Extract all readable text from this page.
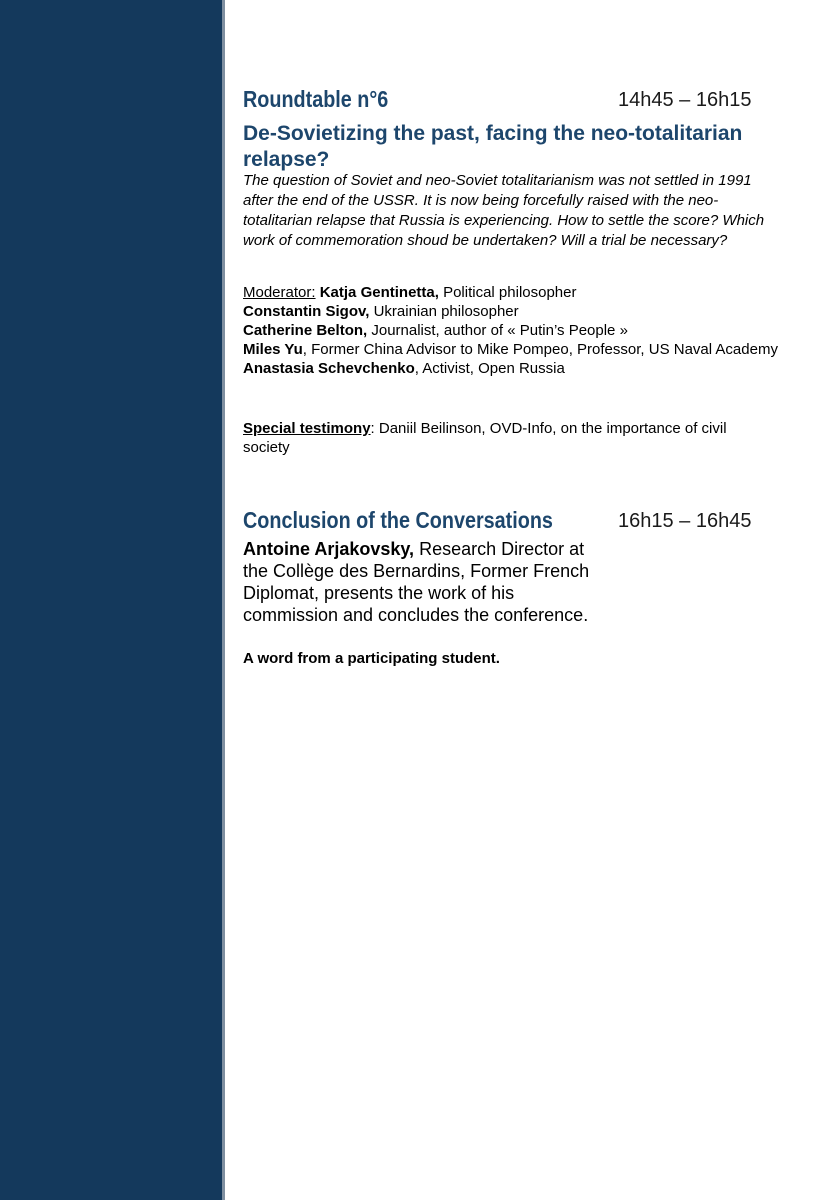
Roundtable n°6	14h45 – 16h15
De-Sovietizing the past, facing the neo-totalitarian relapse?
The question of Soviet and neo-Soviet totalitarianism was not settled in 1991 after the end of the USSR. It is now being forcefully raised with the neo-totalitarian relapse that Russia is experiencing. How to settle the score? Which work of commemoration shoud be undertaken? Will a trial be necessary?

Moderator: Katja Gentinetta, Political philosopher

Constantin Sigov, Ukrainian philosopher

Catherine Belton, Journalist, author of « Putin’s People »

Miles Yu, Former China Advisor to Mike Pompeo, Professor, US Naval Academy

Anastasia Schevchenko, Activist, Open Russia

Special testimony: Daniil Beilinson, OVD-Info, on the importance of civil society
Conclusion of the Conversations	16h15 – 16h45
Antoine Arjakovsky, Research Director at the Collège des Bernardins, Former French Diplomat, presents the work of his commission and concludes the conference.
A word from a participating student.
